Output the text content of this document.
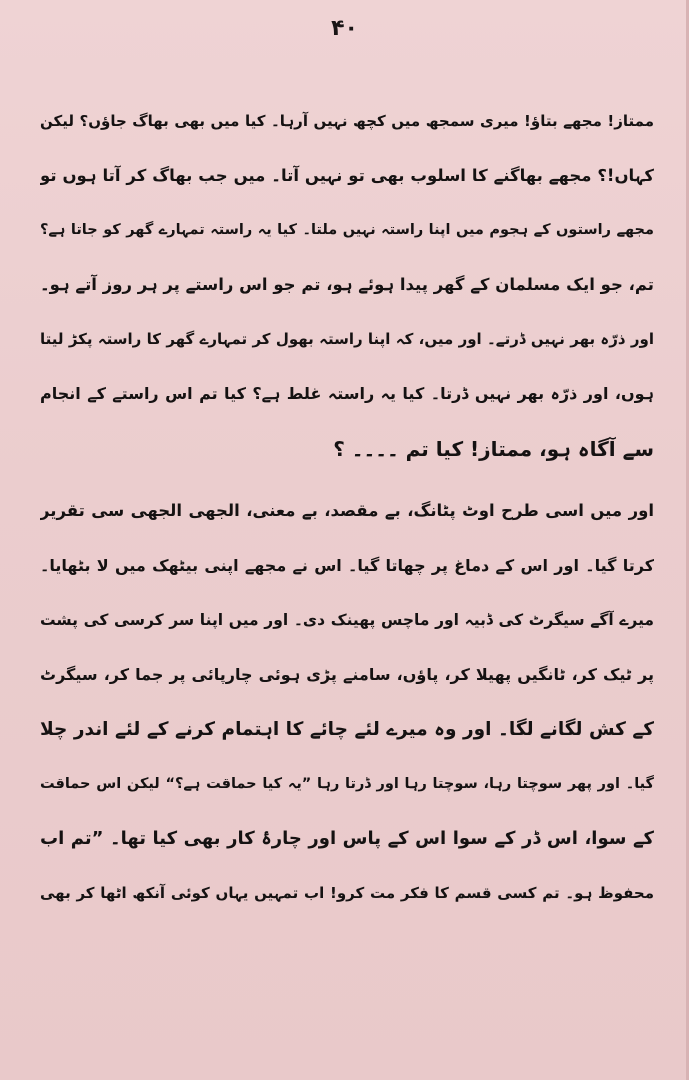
۴۰
ممتاز! مجھے بتاؤ! میری سمجھ میں کچھ نہیں آرہا۔ کیا میں بھی بھاگ جاؤں؟ لیکن
کہاں!؟ مجھے بھاگنے کا اسلوب بھی تو نہیں آتا۔ میں جب بھاگ کر آتا ہوں تو
مجھے راستوں کے ہجوم میں اپنا راستہ نہیں ملتا۔ کیا یہ راستہ تمہارے گھر کو جاتا ہے؟
تم، جو ایک مسلمان کے گھر پیدا ہوئے ہو، تم جو اس راستے پر ہر روز آتے ہو۔
اور ذرّہ بھر نہیں ڈرتے۔ اور میں، کہ اپنا راستہ بھول کر تمہارے گھر کا راستہ پکڑ لیتا
ہوں، اور ذرّہ بھر نہیں ڈرتا۔ کیا یہ راستہ غلط ہے؟ کیا تم اس راستے کے انجام
سے آگاہ ہو، ممتاز! کیا تم ۔۔۔۔ ؟
اور میں اسی طرح اوٹ پٹانگ، بے مقصد، بے معنی، الجھی الجھی سی تقریر
کرتا گیا۔ اور اس کے دماغ پر چھاتا گیا۔ اس نے مجھے اپنی بیٹھک میں لا بٹھایا۔
میرے آگے سیگرٹ کی ڈبیہ اور ماچس پھینک دی۔ اور میں اپنا سر کرسی کی پشت
پر ٹیک کر، ٹانگیں پھیلا کر، پاؤں، سامنے پڑی ہوئی چارپائی پر جما کر، سیگرٹ
کے کش لگانے لگا۔ اور وہ میرے لئے چائے کا اہتمام کرنے کے لئے اندر چلا
گیا۔ اور پھر سوچتا رہا، سوچتا رہا اور ڈرتا رہا ”یہ کیا حماقت ہے؟“ لیکن اس حماقت
کے سوا، اس ڈر کے سوا اس کے پاس اور چارۂ کار بھی کیا تھا۔ ”تم اب
محفوظ ہو۔ تم کسی قسم کا فکر مت کرو! اب تمہیں یہاں کوئی آنکھ اٹھا کر بھی
